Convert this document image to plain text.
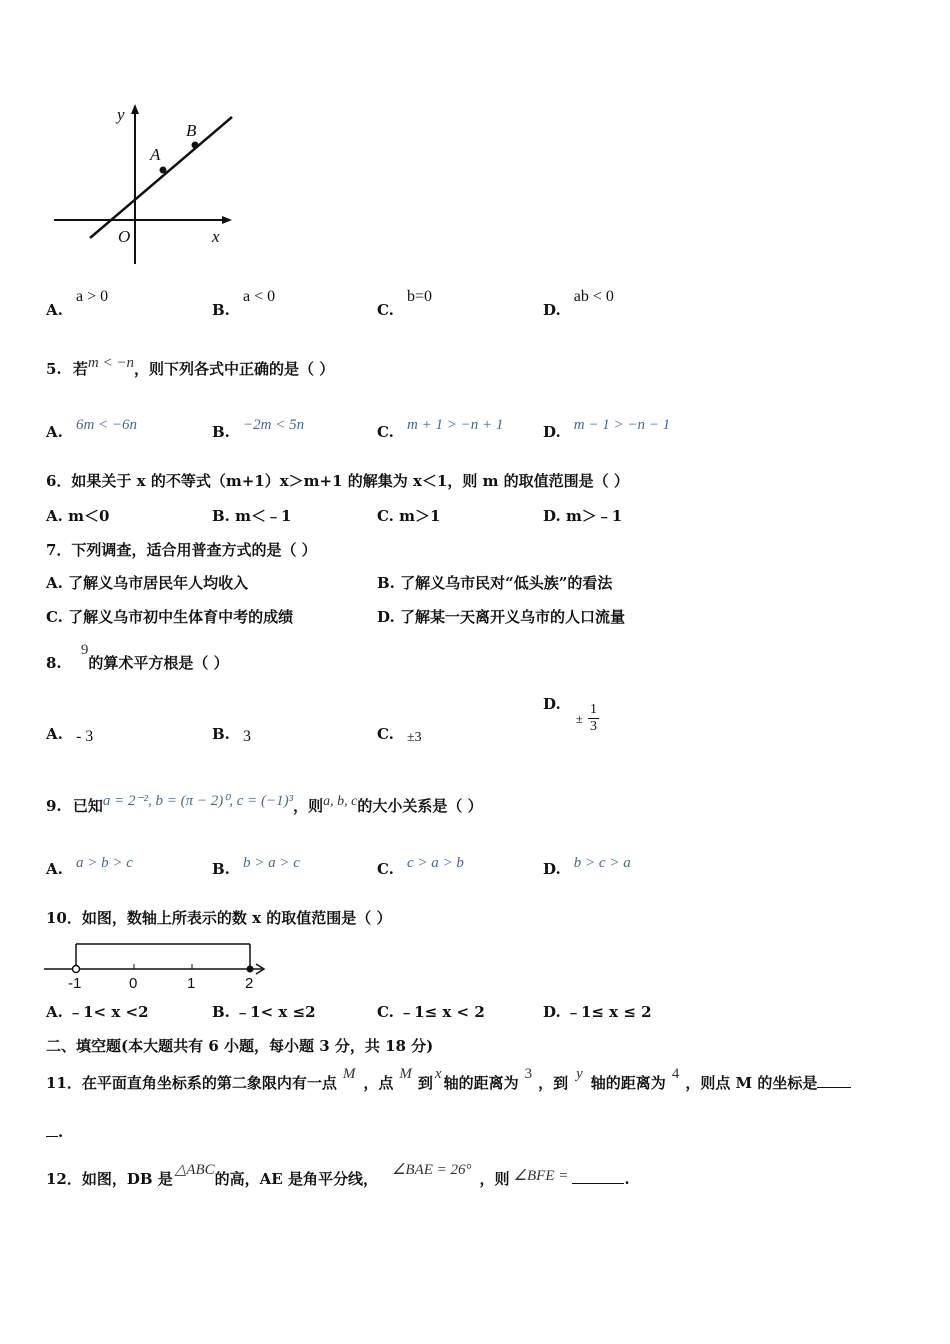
y
x
O
A
B
A. a > 0
B. a < 0
C. b=0
D. ab < 0
5. 若m < −n，则下列各式中正确的是（ ）
A. 6m < −6n	B. −2m < 5n	C. m + 1 > −n + 1	D. m − 1 > −n − 1
6．如果关于 x 的不等式（m+1）x＞m+1 的解集为 x＜1，则 m 的取值范围是（ ）
A. m＜0	B. m＜﹣1	C. m＞1	D. m＞﹣1
7．下列调查，适合用普查方式的是（ ）
A. 了解义乌市居民年人均收入	B. 了解义乌市民对“低头族”的看法
C. 了解义乌市初中生体育中考的成绩	D. 了解某一天离开义乌市的人口流量
8. 9的算术平方根是（ ）
A. - 3	B. 3	C. ±3
D. ± $\frac{1}{3}$
9. 已知a = 2⁻², b = (π − 2)⁰, c = (−1)³，则a, b, c的大小关系是（ ）
A. a > b > c	B. b > a > c	C. c > a > b	D. b > c > a
10．如图，数轴上所表示的数 x 的取值范围是（ ）
-1	0	1	2
A. ﹣1< x <2	B. ﹣1< x ≤2	C. ﹣1≤ x < 2	D. ﹣1≤ x ≤ 2
二、填空题(本大题共有 6 小题，每小题 3 分，共 18 分)
11．在平面直角坐标系的第二象限内有一点 M ，点 M 到 x 轴的距离为 3 ，到 y 轴的距离为 4 ，则点 M 的坐标是
.
12．如图，DB 是 △ABC的高，AE 是角平分线， ∠BAE = 26° ，则 ∠BFE =	.
